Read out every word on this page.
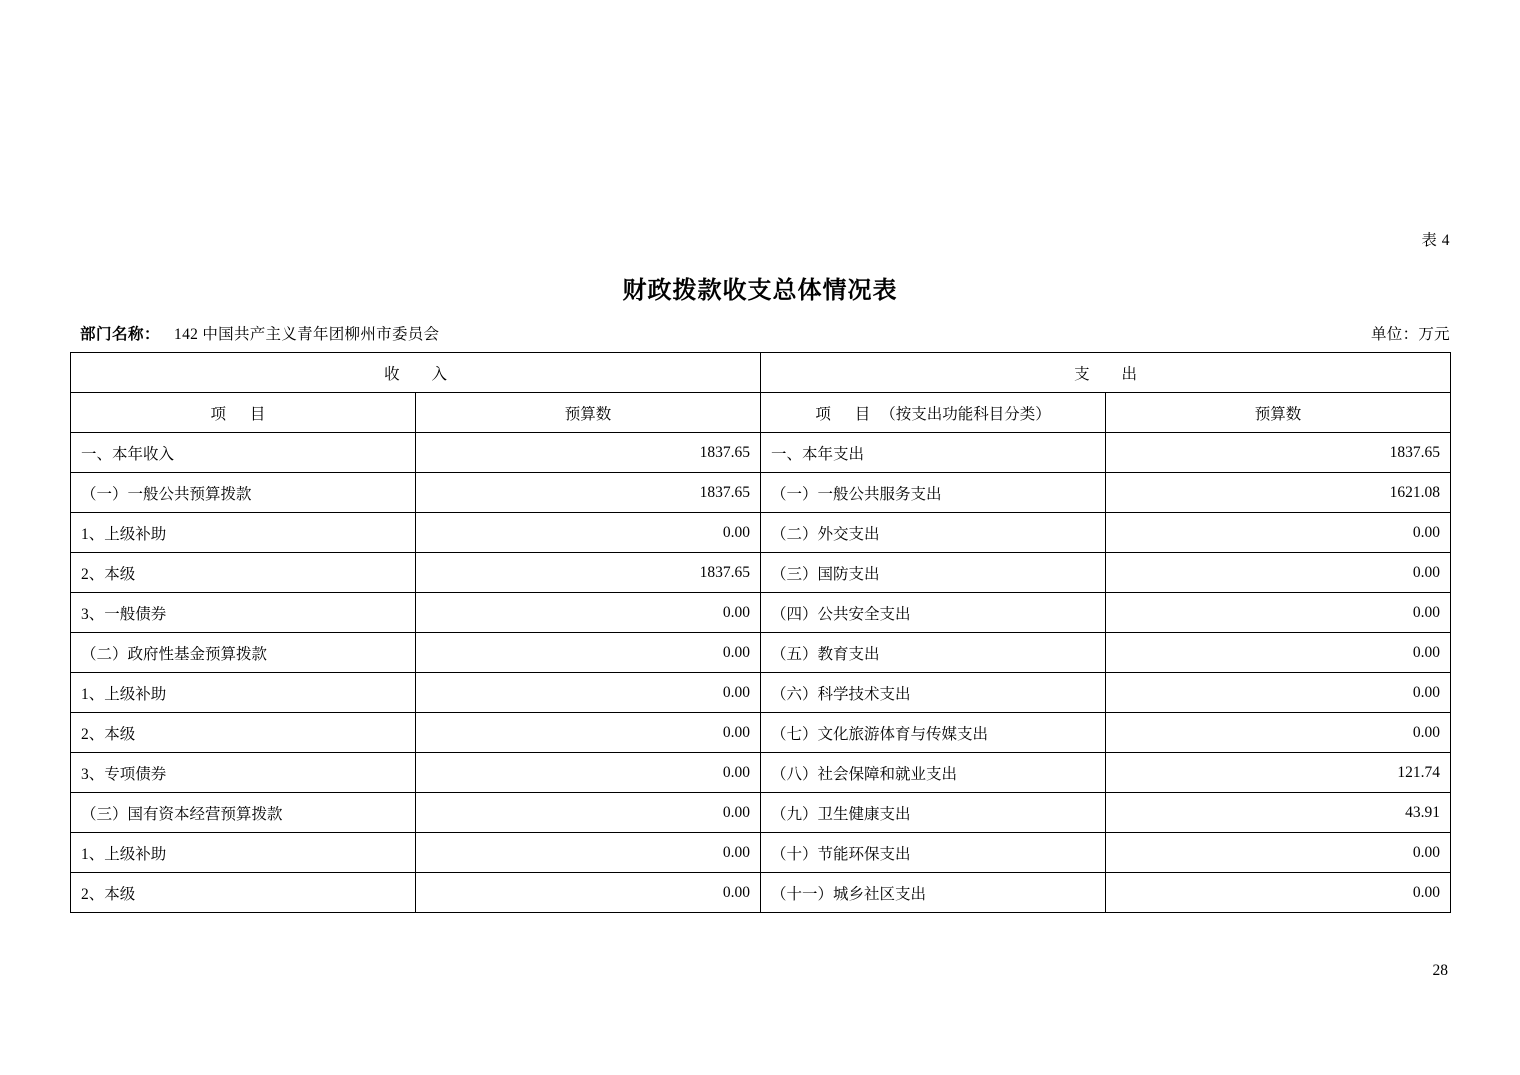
表 4
财政拨款收支总体情况表
部门名称： 142 中国共产主义青年团柳州市委员会	单位：万元
收 入		支 出	
项 目	预算数	项 目（按支出功能科目分类）	预算数
一、本年收入	1837.65	一、本年支出	1837.65
（一）一般公共预算拨款	1837.65	（一）一般公共服务支出	1621.08
1、上级补助	0.00	（二）外交支出	0.00
2、本级	1837.65	（三）国防支出	0.00
3、一般债券	0.00	（四）公共安全支出	0.00
（二）政府性基金预算拨款	0.00	（五）教育支出	0.00
1、上级补助	0.00	（六）科学技术支出	0.00
2、本级	0.00	（七）文化旅游体育与传媒支出	0.00
3、专项债券	0.00	（八）社会保障和就业支出	121.74
（三）国有资本经营预算拨款	0.00	（九）卫生健康支出	43.91
1、上级补助	0.00	（十）节能环保支出	0.00
2、本级	0.00	（十一）城乡社区支出	0.00
28
